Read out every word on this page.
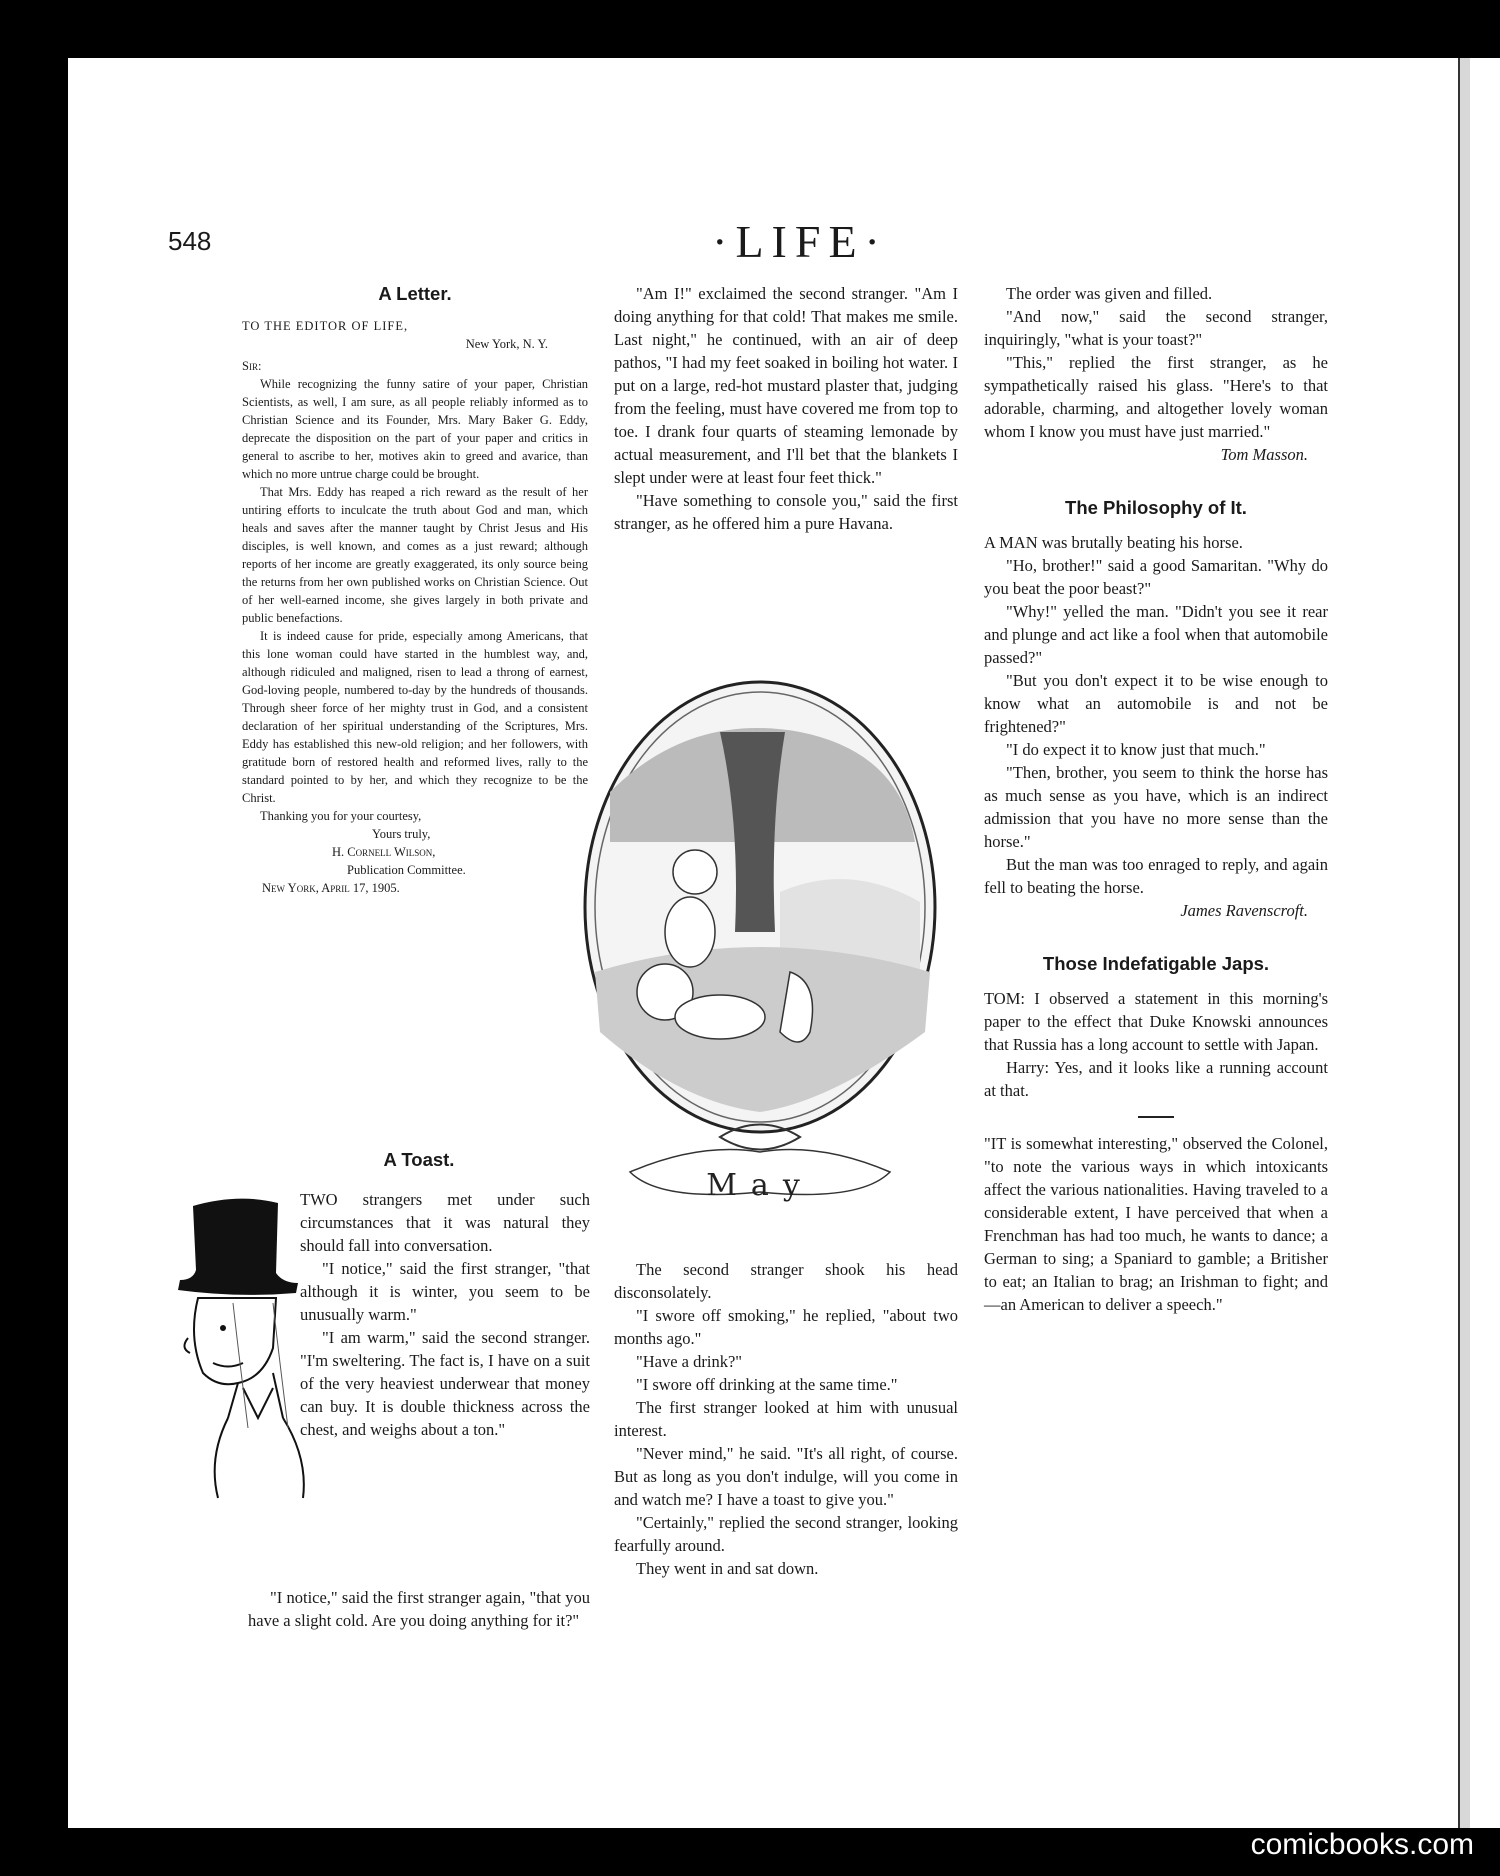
548	·LIFE·
A Letter.
TO THE EDITOR OF LIFE,
New York, N. Y.
Sir:

While recognizing the funny satire of your paper, Christian Scientists, as well, I am sure, as all people reliably informed as to Christian Science and its Founder, Mrs. Mary Baker G. Eddy, deprecate the disposition on the part of your paper and critics in general to ascribe to her, motives akin to greed and avarice, than which no more untrue charge could be brought.

That Mrs. Eddy has reaped a rich reward as the result of her untiring efforts to inculcate the truth about God and man, which heals and saves after the manner taught by Christ Jesus and His disciples, is well known, and comes as a just reward; although reports of her income are greatly exaggerated, its only source being the returns from her own published works on Christian Science. Out of her well-earned income, she gives largely in both private and public benefactions.

It is indeed cause for pride, especially among Americans, that this lone woman could have started in the humblest way, and, although ridiculed and maligned, risen to lead a throng of earnest, God-loving people, numbered to-day by the hundreds of thousands. Through sheer force of her mighty trust in God, and a consistent declaration of her spiritual understanding of the Scriptures, Mrs. Eddy has established this new-old religion; and her followers, with gratitude born of restored health and reformed lives, rally to the standard pointed to by her, and which they recognize to be the Christ.

Thanking you for your courtesy,

Yours truly,
H. Cornell Wilson,
Publication Committee.
New York, April 17, 1905.
A Toast.

TWO strangers met under such circumstances that it was natural they should fall into conversation.

"I notice," said the first stranger, "that although it is winter, you seem to be unusually warm."

"I am warm," said the second stranger. "I'm sweltering. The fact is, I have on a suit of the very heaviest underwear that money can buy. It is double thickness across the chest, and weighs about a ton."

"I notice," said the first stranger again, "that you have a slight cold. Are you doing anything for it?"

"Am I!" exclaimed the second stranger. "Am I doing anything for that cold! That makes me smile. Last night," he continued, with an air of deep pathos, "I had my feet soaked in boiling hot water. I put on a large, red-hot mustard plaster that, judging from the feeling, must have covered me from top to toe. I drank four quarts of steaming lemonade by actual measurement, and I'll bet that the blankets I slept under were at least four feet thick."

"Have something to console you," said the first stranger, as he offered him a pure Havana.

May

The second stranger shook his head disconsolately.

"I swore off smoking," he replied, "about two months ago."

"Have a drink?"

"I swore off drinking at the same time."

The first stranger looked at him with unusual interest.

"Never mind," he said. "It's all right, of course. But as long as you don't indulge, will you come in and watch me? I have a toast to give you."

"Certainly," replied the second stranger, looking fearfully around.

They went in and sat down.

The order was given and filled.

"And now," said the second stranger, inquiringly, "what is your toast?"

"This," replied the first stranger, as he sympathetically raised his glass. "Here's to that adorable, charming, and altogether lovely woman whom I know you must have just married."

Tom Masson.
The Philosophy of It.

A MAN was brutally beating his horse.

"Ho, brother!" said a good Samaritan. "Why do you beat the poor beast?"

"Why!" yelled the man. "Didn't you see it rear and plunge and act like a fool when that automobile passed?"

"But you don't expect it to be wise enough to know what an automobile is and not be frightened?"

"I do expect it to know just that much."

"Then, brother, you seem to think the horse has as much sense as you have, which is an indirect admission that you have no more sense than the horse."

But the man was too enraged to reply, and again fell to beating the horse.

James Ravenscroft.
Those Indefatigable Japs.

TOM: I observed a statement in this morning's paper to the effect that Duke Knowski announces that Russia has a long account to settle with Japan.

Harry: Yes, and it looks like a running account at that.

"IT is somewhat interesting," observed the Colonel, "to note the various ways in which intoxicants affect the various nationalities. Having traveled to a considerable extent, I have perceived that when a Frenchman has had too much, he wants to dance; a German to sing; a Spaniard to gamble; a Britisher to eat; an Italian to brag; an Irishman to fight; and—an American to deliver a speech."

comicbooks.com
